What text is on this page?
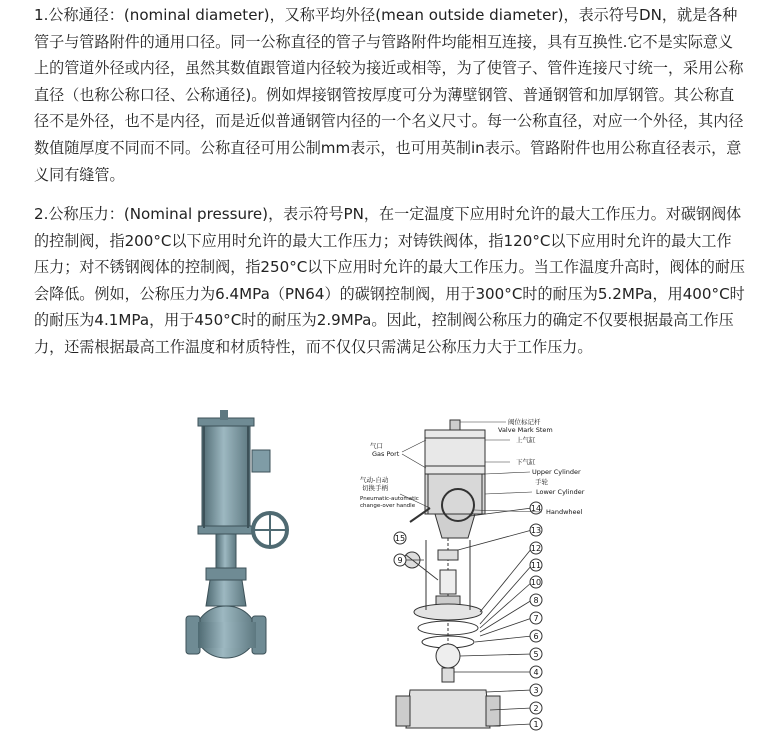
1.公称通径：(nominal diameter)，又称平均外径(mean outside diameter)，表示符号DN，就是各种管子与管路附件的通用口径。同一公称直径的管子与管路附件均能相互连接，具有互换性.它不是实际意义上的管道外径或内径，虽然其数值跟管道内径较为接近或相等，为了使管子、管件连接尺寸统一，采用公称直径（也称公称口径、公称通径)。例如焊接钢管按厚度可分为薄壁钢管、普通钢管和加厚钢管。其公称直径不是外径，也不是内径，而是近似普通钢管内径的一个名义尺寸。每一公称直径，对应一个外径，其内径数值随厚度不同而不同。公称直径可用公制mm表示，也可用英制in表示。管路附件也用公称直径表示，意义同有缝管。
2.公称压力：(Nominal pressure)，表示符号PN，在一定温度下应用时允许的最大工作压力。对碳钢阀体的控制阀，指200°C以下应用时允许的最大工作压力；对铸铁阀体，指120°C以下应用时允许的最大工作压力；对不锈钢阀体的控制阀，指250°C以下应用时允许的最大工作压力。当工作温度升高时，阀体的耐压会降低。例如，公称压力为6.4MPa（PN64）的碳钢控制阀，用于300°C时的耐压为5.2MPa，用400°C时的耐压为4.1MPa，用于450°C时的耐压为2.9MPa。因此，控制阀公称压力的确定不仅要根据最高工作压力，还需根据最高工作温度和材质特性，而不仅仅只需满足公称压力大于工作压力。
1
2
3
4
5
6
7
8
9
10
11
12
13
14
15
阀位标记杆
Valve Mark Stem
上气缸
气口
Gas Port
下气缸
Upper Cylinder
手轮
气动-自动
切换手柄
Pneumatic-automatic
change-over handle
Lower Cylinder
Handwheel
